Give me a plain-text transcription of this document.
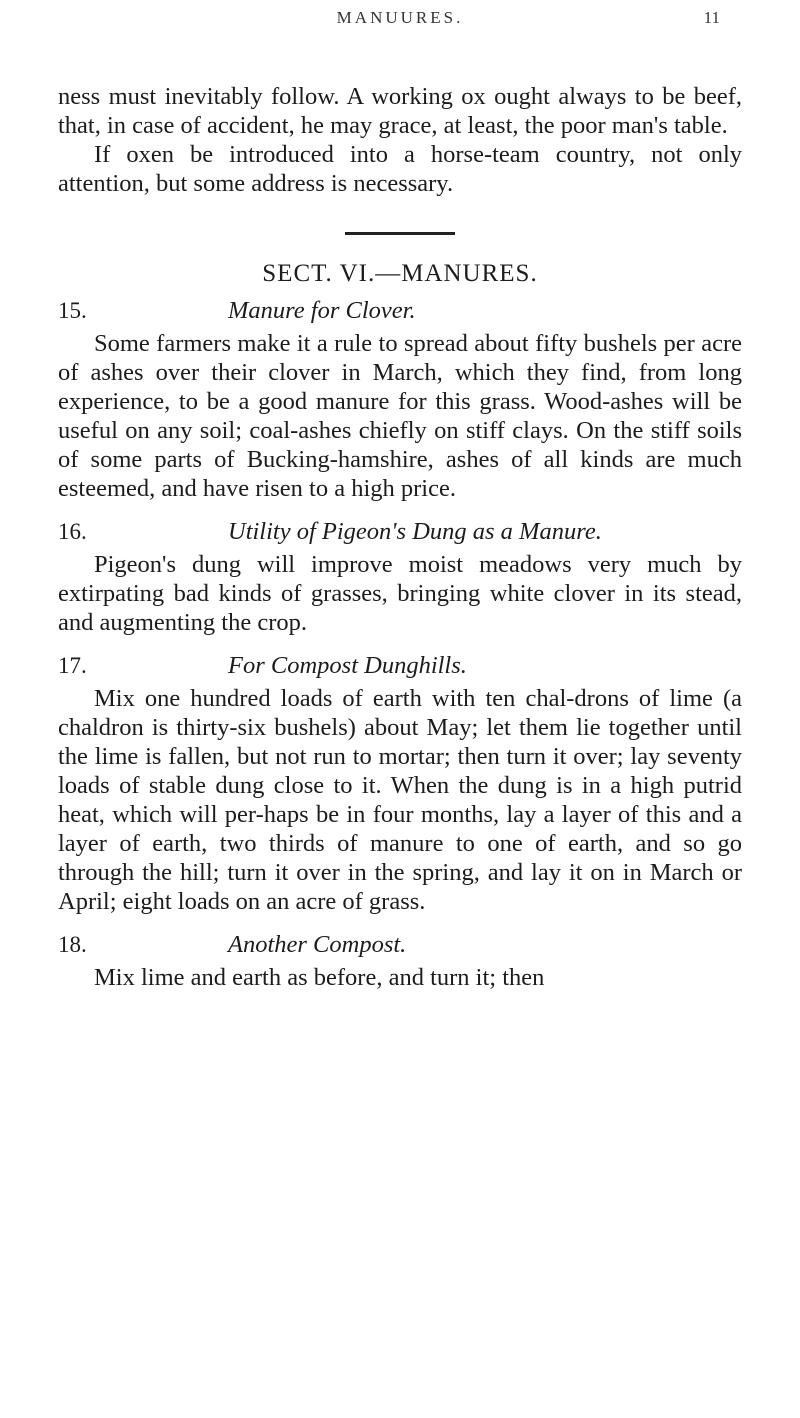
MANUURES.	11

ness must inevitably follow. A working ox ought always to be beef, that, in case of accident, he may grace, at least, the poor man's table.

If oxen be introduced into a horse-team country, not only attention, but some address is necessary.

SECT. VI.—MANURES.
15.	Manure for Clover.

Some farmers make it a rule to spread about fifty bushels per acre of ashes over their clover in March, which they find, from long experience, to be a good manure for this grass. Wood-ashes will be useful on any soil; coal-ashes chiefly on stiff clays. On the stiff soils of some parts of Bucking-hamshire, ashes of all kinds are much esteemed, and have risen to a high price.

16.	Utility of Pigeon's Dung as a Manure.

Pigeon's dung will improve moist meadows very much by extirpating bad kinds of grasses, bringing white clover in its stead, and augmenting the crop.

17.	For Compost Dunghills.

Mix one hundred loads of earth with ten chal-drons of lime (a chaldron is thirty-six bushels) about May; let them lie together until the lime is fallen, but not run to mortar; then turn it over; lay seventy loads of stable dung close to it. When the dung is in a high putrid heat, which will per-haps be in four months, lay a layer of this and a layer of earth, two thirds of manure to one of earth, and so go through the hill; turn it over in the spring, and lay it on in March or April; eight loads on an acre of grass.

18.	Another Compost.

Mix lime and earth as before, and turn it; then
